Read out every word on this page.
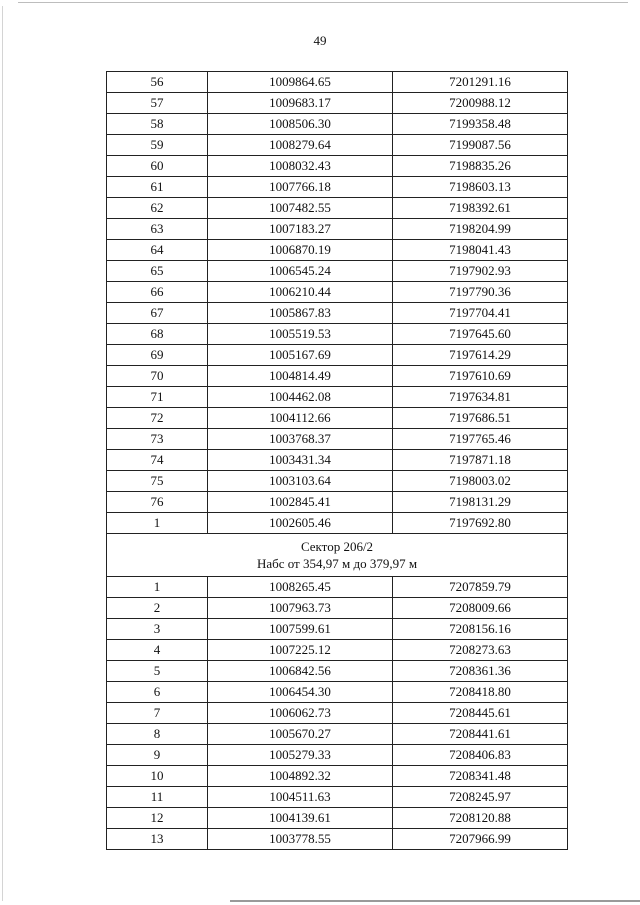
49
56	1009864.65	7201291.16
57	1009683.17	7200988.12
58	1008506.30	7199358.48
59	1008279.64	7199087.56
60	1008032.43	7198835.26
61	1007766.18	7198603.13
62	1007482.55	7198392.61
63	1007183.27	7198204.99
64	1006870.19	7198041.43
65	1006545.24	7197902.93
66	1006210.44	7197790.36
67	1005867.83	7197704.41
68	1005519.53	7197645.60
69	1005167.69	7197614.29
70	1004814.49	7197610.69
71	1004462.08	7197634.81
72	1004112.66	7197686.51
73	1003768.37	7197765.46
74	1003431.34	7197871.18
75	1003103.64	7198003.02
76	1002845.41	7198131.29
1	1002605.46	7197692.80

Сектор 206/2
Набс от 354,97 м до 379,97 м		

1	1008265.45	7207859.79
2	1007963.73	7208009.66
3	1007599.61	7208156.16
4	1007225.12	7208273.63
5	1006842.56	7208361.36
6	1006454.30	7208418.80
7	1006062.73	7208445.61
8	1005670.27	7208441.61
9	1005279.33	7208406.83
10	1004892.32	7208341.48
11	1004511.63	7208245.97
12	1004139.61	7208120.88
13	1003778.55	7207966.99
